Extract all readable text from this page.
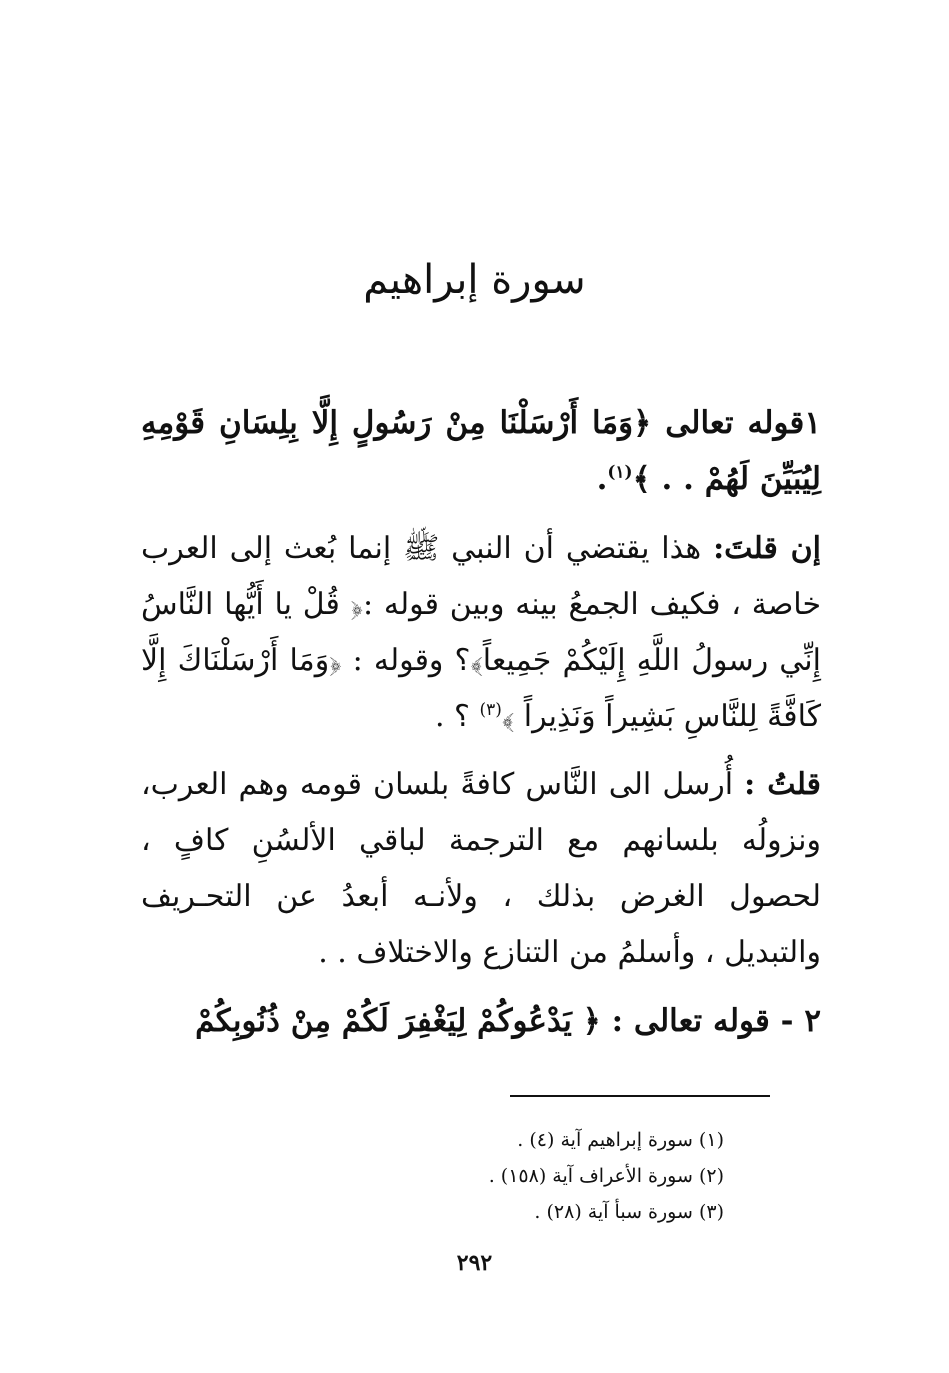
سورة إبراهيم
١قوله تعالى ﴿وَمَا أَرْسَلْنَا مِنْ رَسُولٍ إِلَّا بِلِسَانِ قَوْمِهِ لِيُبَيِّنَ لَهُمْ . . ﴾$^{(١)}$.
إن قلتَ: هذا يقتضي أن النبي ﷺ إنما بُعث إلى العرب خاصة ، فكيف الجمعُ بينه وبين قوله :﴿ قُلْ يا أَيُّها النَّاسُ إِنِّي رسولُ اللَّهِ إِلَيْكُمْ جَمِيعاً﴾؟ وقوله : ﴿وَمَا أَرْسَلْنَاكَ إِلَّا كَافَّةً لِلنَّاسِ بَشِيراً وَنَذِيراً ﴾$^{(٣)}$ ؟ .
قلتُ : أُرسل الى النَّاس كافةً بلسان قومه وهم العرب، ونزولُه بلسانهم مع الترجمة لباقي الألسُنِ كافٍ ، لحصول الغرض بذلك ، ولأنـه أبعدُ عن التحـريف والتبديل ، وأسلمُ من التنازع والاختلاف . .
٢ - قوله تعالى : ﴿ يَدْعُوكُمْ لِيَغْفِرَ لَكُمْ مِنْ ذُنُوبِكُمْ
(١) سورة إبراهيم آية (٤) .
(٢) سورة الأعراف آية (١٥٨) .
(٣) سورة سبأ آية (٢٨) .
٢٩٢
